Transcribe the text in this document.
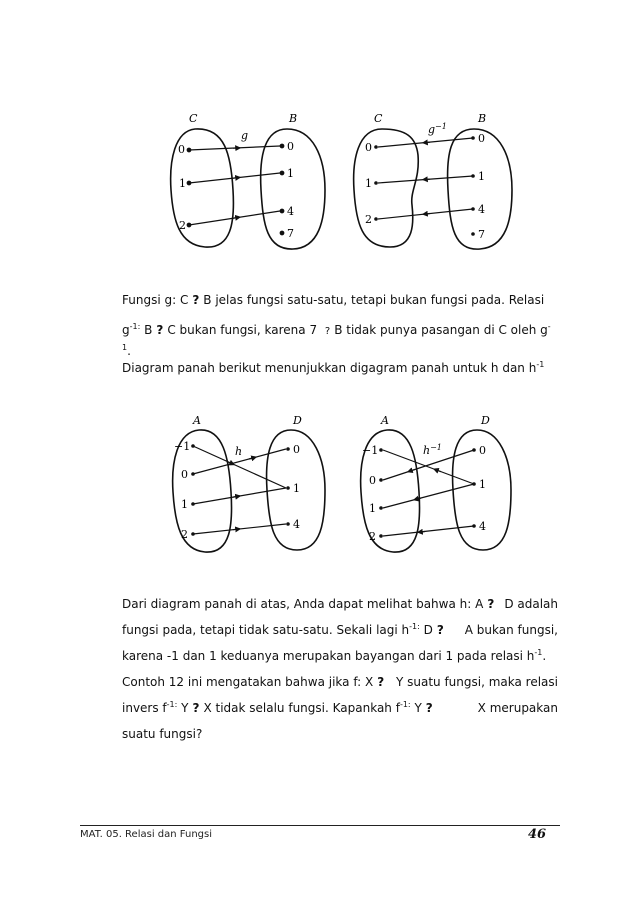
C	B
g
0
1
2
0
1
4
7
C	B
$g^{-1}$
0
1
2
0
1
4
7
Fungsi g: C ? B jelas fungsi satu-satu, tetapi bukan fungsi pada. Relasi
$g^{-1:}$ B ? C bukan fungsi, karena 7 ? B tidak punya pasangan di C oleh g-
$^1$.
Diagram panah berikut menunjukkan digagram panah untuk h dan $h^{-1}$
A	D
h
−1
0
1
2
0
1
4
A	D
$h^{-1}$
−1
0
1
2
0
1
4
Dari diagram panah di atas, Anda dapat melihat bahwa h: A ? D adalah
fungsi pada, tetapi tidak satu-satu. Sekali lagi $h^{-1:}$ D ?	A bukan fungsi,
karena -1 dan 1 keduanya merupakan bayangan dari 1 pada relasi $h^{-1}$.
Contoh 12 ini mengatakan bahwa jika f: X ? Y suatu fungsi, maka relasi
invers $f^{-1:}$ Y ? X tidak selalu fungsi. Kapankah $f^{-1:}$ Y ?	X merupakan
suatu fungsi?
MAT. 05. Relasi dan Fungsi	46
